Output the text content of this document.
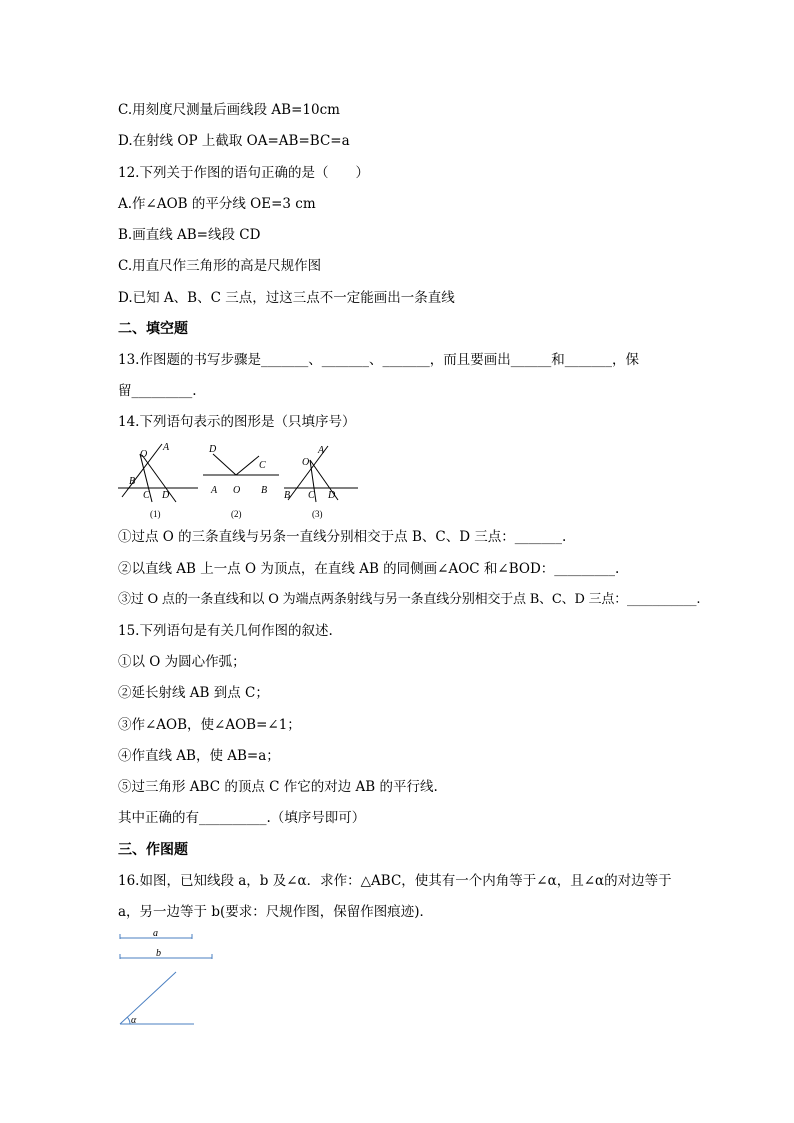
C.用刻度尺测量后画线段 AB=10cm
D.在射线 OP 上截取 OA=AB=BC=a
12.下列关于作图的语句正确的是（　　）
A.作∠AOB 的平分线 OE=3 cm
B.画直线 AB=线段 CD
C.用直尺作三角形的高是尺规作图
D.已知 A、B、C 三点，过这三点不一定能画出一条直线
二、填空题
13.作图题的书写步骤是_______、_______、_______，而且要画出______和_______，保
留_________.
14.下列语句表示的图形是（只填序号）
O
A
B
C D
(1)
D
C
A O B
(2)
O
A
B C D
(3)
①过点 O 的三条直线与另条一直线分别相交于点 B、C、D 三点：_______.
②以直线 AB 上一点 O 为顶点，在直线 AB 的同侧画∠AOC 和∠BOD：_________.
③过 O 点的一条直线和以 O 为端点两条射线与另一条直线分别相交于点 B、C、D 三点：___________.
15.下列语句是有关几何作图的叙述.
①以 O 为圆心作弧；
②延长射线 AB 到点 C；
③作∠AOB，使∠AOB=∠1；
④作直线 AB，使 AB=a；
⑤过三角形 ABC 的顶点 C 作它的对边 AB 的平行线.
其中正确的有__________.（填序号即可）
三、作图题
16.如图，已知线段 a，b 及∠α．求作：△ABC，使其有一个内角等于∠α，且∠α的对边等于
a，另一边等于 b(要求：尺规作图，保留作图痕迹)．
a
b
α
